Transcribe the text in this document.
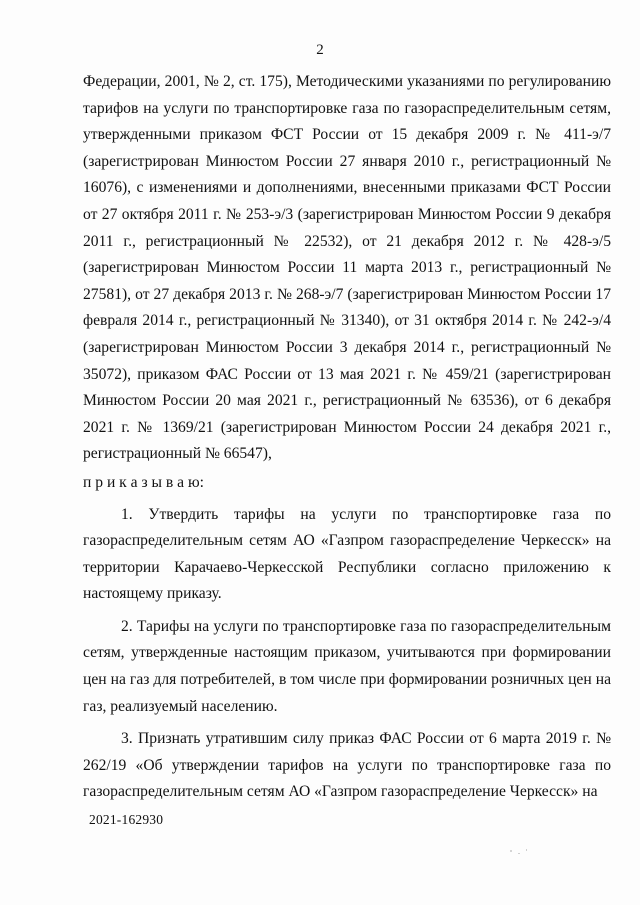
2

Федерации, 2001, № 2, ст. 175), Методическими указаниями по регулированию тарифов на услуги по транспортировке газа по газораспределительным сетям, утвержденными приказом ФСТ России от 15 декабря 2009 г. № 411-э/7 (зарегистрирован Минюстом России 27 января 2010 г., регистрационный № 16076), с изменениями и дополнениями, внесенными приказами ФСТ России от 27 октября 2011 г. № 253-э/3 (зарегистрирован Минюстом России 9 декабря 2011 г., регистрационный № 22532), от 21 декабря 2012 г. № 428-э/5 (зарегистрирован Минюстом России 11 марта 2013 г., регистрационный № 27581), от 27 декабря 2013 г. № 268-э/7 (зарегистрирован Минюстом России 17 февраля 2014 г., регистрационный № 31340), от 31 октября 2014 г. № 242-э/4 (зарегистрирован Минюстом России 3 декабря 2014 г., регистрационный № 35072), приказом ФАС России от 13 мая 2021 г. № 459/21 (зарегистрирован Минюстом России 20 мая 2021 г., регистрационный № 63536), от 6 декабря 2021 г. № 1369/21 (зарегистрирован Минюстом России 24 декабря 2021 г., регистрационный № 66547),

п р и к а з ы в а ю:

1. Утвердить тарифы на услуги по транспортировке газа по газораспределительным сетям АО «Газпром газораспределение Черкесск» на территории Карачаево-Черкесской Республики согласно приложению к настоящему приказу.

2. Тарифы на услуги по транспортировке газа по газораспределительным сетям, утвержденные настоящим приказом, учитываются при формировании цен на газ для потребителей, в том числе при формировании розничных цен на газ, реализуемый населению.

3. Признать утратившим силу приказ ФАС России от 6 марта 2019 г. № 262/19 «Об утверждении тарифов на услуги по транспортировке газа по газораспределительным сетям АО «Газпром газораспределение Черкесск» на

2021-162930
